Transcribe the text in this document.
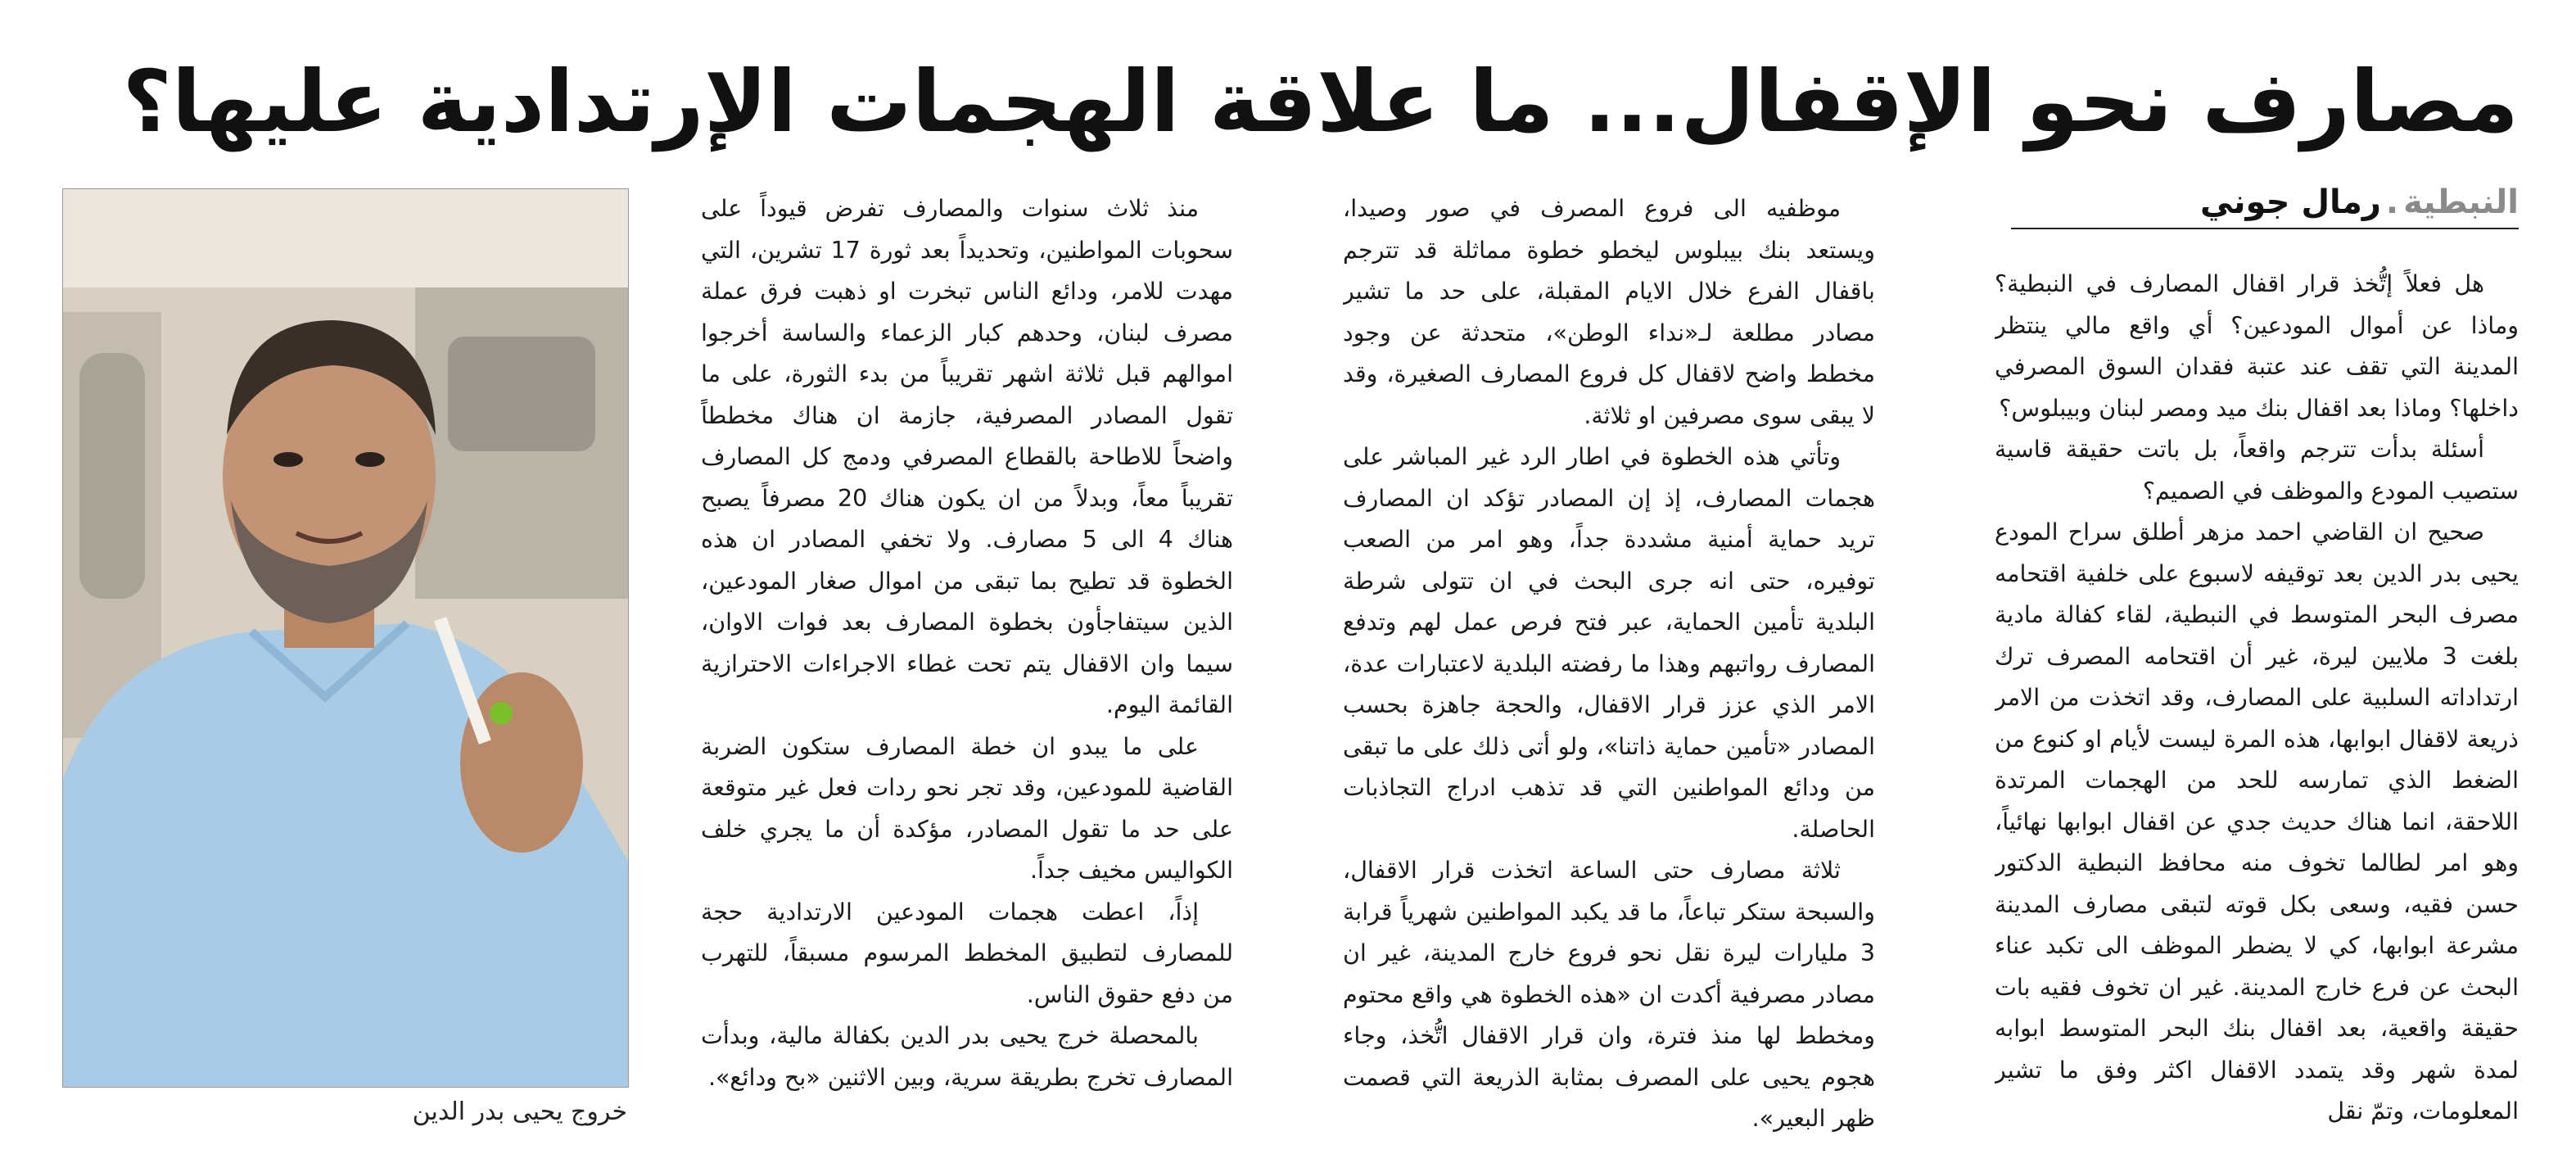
مصارف نحو الإقفال... ما علاقة الهجمات الإرتدادية عليها؟
النبطية.رمال جوني

هل فعلاً إتُّخذ قرار اقفال المصارف في النبطية؟ وماذا عن أموال المودعين؟ أي واقع مالي ينتظر المدينة التي تقف عند عتبة فقدان السوق المصرفي داخلها؟ وماذا بعد اقفال بنك ميد ومصر لبنان وبيبلوس؟

أسئلة بدأت تترجم واقعاً، بل باتت حقيقة قاسية ستصيب المودع والموظف في الصميم؟

صحيح ان القاضي احمد مزهر أطلق سراح المودع يحيى بدر الدين بعد توقيفه لاسبوع على خلفية اقتحامه مصرف البحر المتوسط في النبطية، لقاء كفالة مادية بلغت 3 ملايين ليرة، غير أن اقتحامه المصرف ترك ارتداداته السلبية على المصارف، وقد اتخذت من الامر ذريعة لاقفال ابوابها، هذه المرة ليست لأيام او كنوع من الضغط الذي تمارسه للحد من الهجمات المرتدة اللاحقة، انما هناك حديث جدي عن اقفال ابوابها نهائياً، وهو امر لطالما تخوف منه محافظ النبطية الدكتور حسن فقيه، وسعى بكل قوته لتبقى مصارف المدينة مشرعة ابوابها، كي لا يضطر الموظف الى تكبد عناء البحث عن فرع خارج المدينة. غير ان تخوف فقيه بات حقيقة واقعية، بعد اقفال بنك البحر المتوسط ابوابه لمدة شهر وقد يتمدد الاقفال اكثر وفق ما تشير المعلومات، وتمّ نقل

موظفيه الى فروع المصرف في صور وصيدا، ويستعد بنك بيبلوس ليخطو خطوة مماثلة قد تترجم باقفال الفرع خلال الايام المقبلة، على حد ما تشير مصادر مطلعة لـ«نداء الوطن»، متحدثة عن وجود مخطط واضح لاقفال كل فروع المصارف الصغيرة، وقد لا يبقى سوى مصرفين او ثلاثة.

وتأتي هذه الخطوة في اطار الرد غير المباشر على هجمات المصارف، إذ إن المصادر تؤكد ان المصارف تريد حماية أمنية مشددة جداً، وهو امر من الصعب توفيره، حتى انه جرى البحث في ان تتولى شرطة البلدية تأمين الحماية، عبر فتح فرص عمل لهم وتدفع المصارف رواتبهم وهذا ما رفضته البلدية لاعتبارات عدة، الامر الذي عزز قرار الاقفال، والحجة جاهزة بحسب المصادر «تأمين حماية ذاتنا»، ولو أتى ذلك على ما تبقى من ودائع المواطنين التي قد تذهب ادراج التجاذبات الحاصلة.

ثلاثة مصارف حتى الساعة اتخذت قرار الاقفال، والسبحة ستكر تباعاً، ما قد يكبد المواطنين شهرياً قرابة 3 مليارات ليرة نقل نحو فروع خارج المدينة، غير ان مصادر مصرفية أكدت ان «هذه الخطوة هي واقع محتوم ومخطط لها منذ فترة، وان قرار الاقفال اتُّخذ، وجاء هجوم يحيى على المصرف بمثابة الذريعة التي قصمت ظهر البعير».

منذ ثلاث سنوات والمصارف تفرض قيوداً على سحوبات المواطنين، وتحديداً بعد ثورة 17 تشرين، التي مهدت للامر، ودائع الناس تبخرت او ذهبت فرق عملة مصرف لبنان، وحدهم كبار الزعماء والساسة أخرجوا اموالهم قبل ثلاثة اشهر تقريباً من بدء الثورة، على ما تقول المصادر المصرفية، جازمة ان هناك مخططاً واضحاً للاطاحة بالقطاع المصرفي ودمج كل المصارف تقريباً معاً، وبدلاً من ان يكون هناك 20 مصرفاً يصبح هناك 4 الى 5 مصارف. ولا تخفي المصادر ان هذه الخطوة قد تطيح بما تبقى من اموال صغار المودعين، الذين سيتفاجأون بخطوة المصارف بعد فوات الاوان، سيما وان الاقفال يتم تحت غطاء الاجراءات الاحترازية القائمة اليوم.

على ما يبدو ان خطة المصارف ستكون الضربة القاضية للمودعين، وقد تجر نحو ردات فعل غير متوقعة على حد ما تقول المصادر، مؤكدة أن ما يجري خلف الكواليس مخيف جداً.

إذاً، اعطت هجمات المودعين الارتدادية حجة للمصارف لتطبيق المخطط المرسوم مسبقاً، للتهرب من دفع حقوق الناس.

بالمحصلة خرج يحيى بدر الدين بكفالة مالية، وبدأت المصارف تخرج بطريقة سرية، وبين الاثنين «بح ودائع».

خروج يحيى بدر الدين
